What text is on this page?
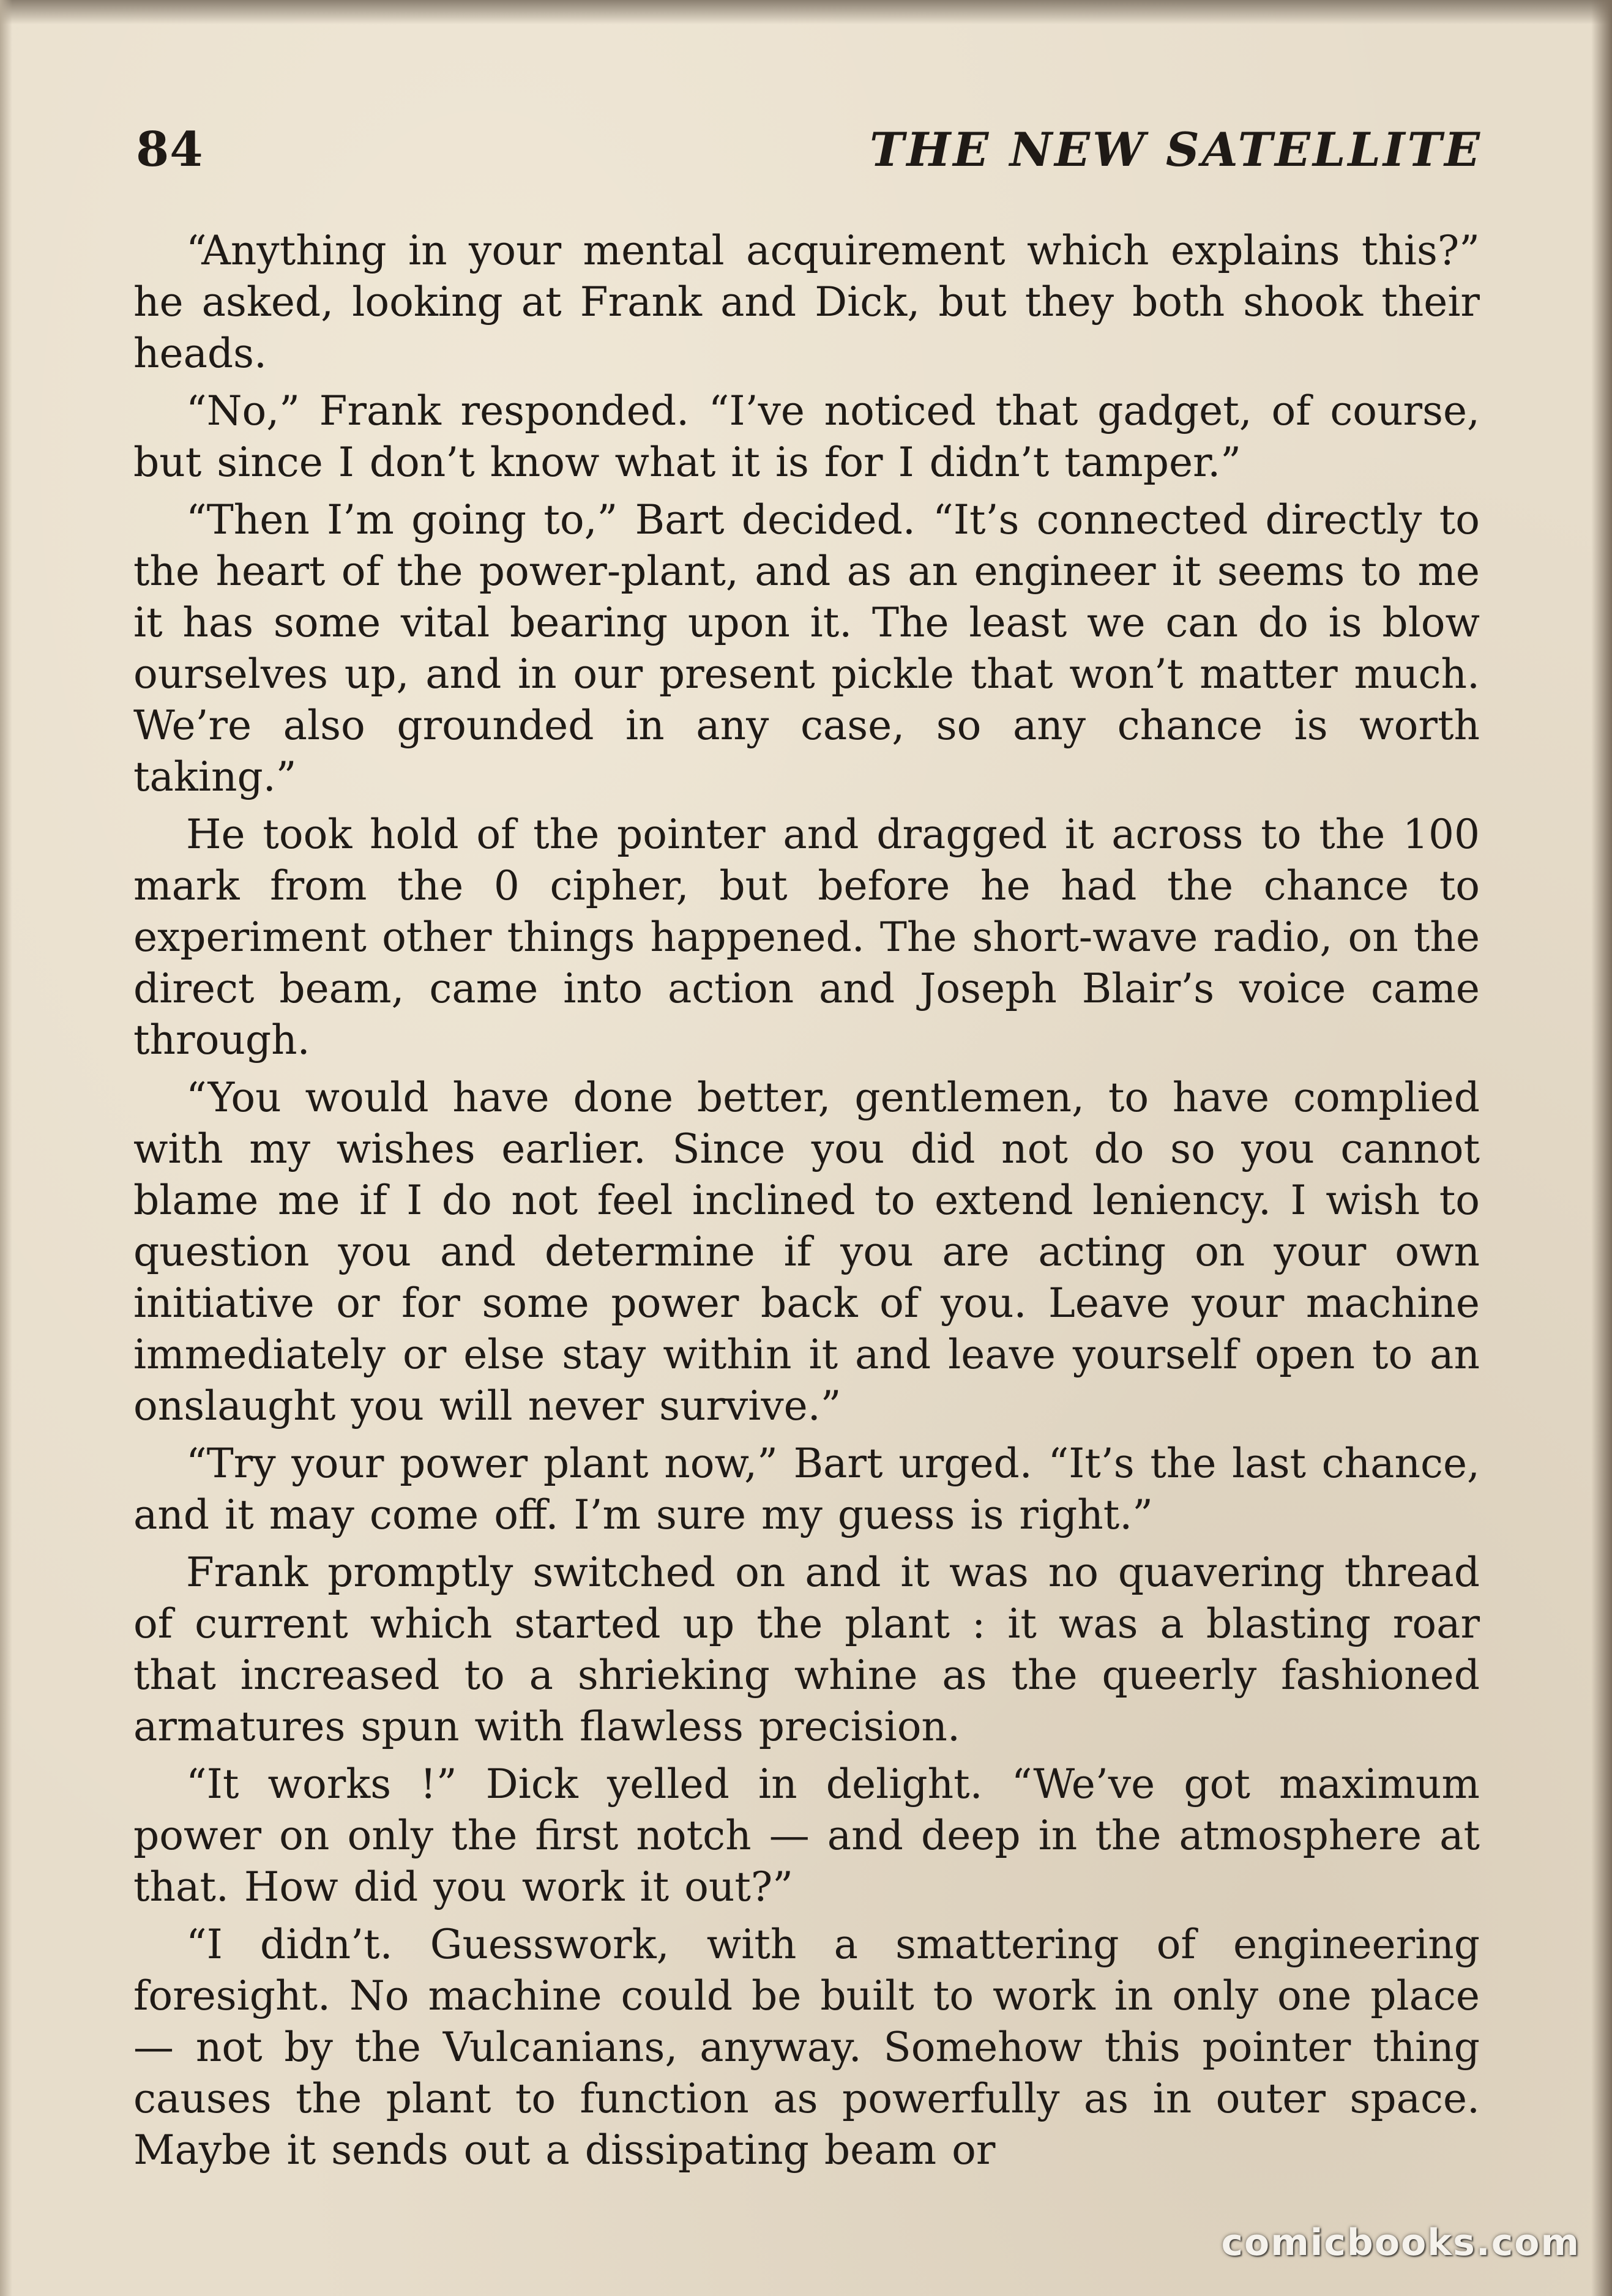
84	THE NEW SATELLITE

“Anything in your mental acquirement which explains this?” he asked, looking at Frank and Dick, but they both shook their heads.

“No,” Frank responded. “I’ve noticed that gadget, of course, but since I don’t know what it is for I didn’t tamper.”

“Then I’m going to,” Bart decided. “It’s connected directly to the heart of the power-plant, and as an engineer it seems to me it has some vital bearing upon it. The least we can do is blow ourselves up, and in our present pickle that won’t matter much. We’re also grounded in any case, so any chance is worth taking.”

He took hold of the pointer and dragged it across to the 100 mark from the 0 cipher, but before he had the chance to experiment other things happened. The short-wave radio, on the direct beam, came into action and Joseph Blair’s voice came through.

“You would have done better, gentlemen, to have complied with my wishes earlier. Since you did not do so you cannot blame me if I do not feel inclined to extend leniency. I wish to question you and determine if you are acting on your own initiative or for some power back of you. Leave your machine immediately or else stay within it and leave yourself open to an onslaught you will never survive.”

“Try your power plant now,” Bart urged. “It’s the last chance, and it may come off. I’m sure my guess is right.”

Frank promptly switched on and it was no quavering thread of current which started up the plant : it was a blasting roar that increased to a shrieking whine as the queerly fashioned armatures spun with flawless precision.

“It works !” Dick yelled in delight. “We’ve got maximum power on only the first notch — and deep in the atmosphere at that. How did you work it out?”

“I didn’t. Guesswork, with a smattering of engineering foresight. No machine could be built to work in only one place — not by the Vulcanians, anyway. Somehow this pointer thing causes the plant to function as powerfully as in outer space. Maybe it sends out a dissipating beam or

comicbooks.com
